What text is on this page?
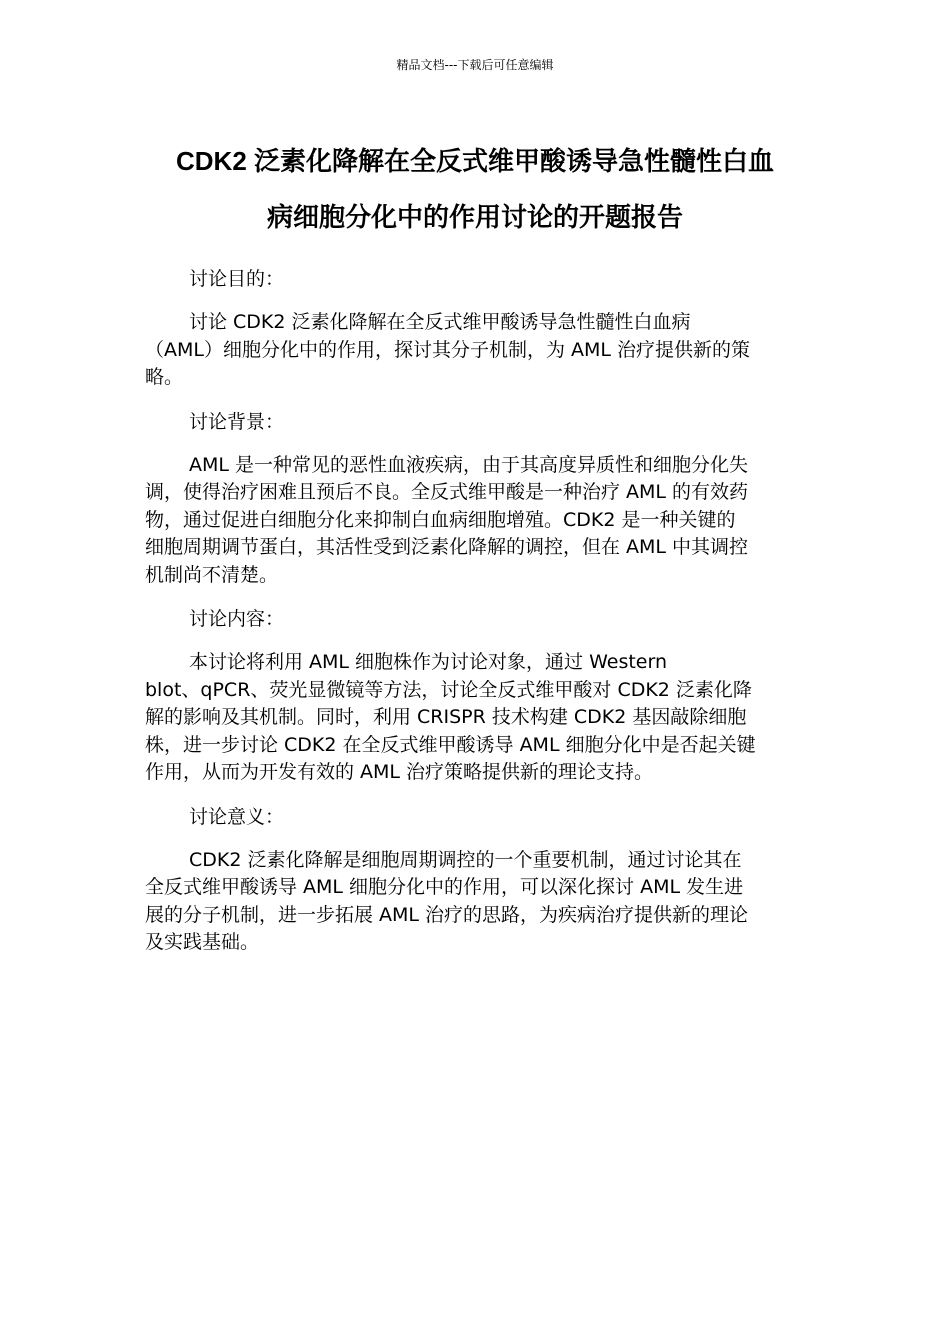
精品文档---下载后可任意编辑
CDK2 泛素化降解在全反式维甲酸诱导急性髓性白血
病细胞分化中的作用讨论的开题报告

讨论目的：

讨论 CDK2 泛素化降解在全反式维甲酸诱导急性髓性白血病
（AML）细胞分化中的作用，探讨其分子机制，为 AML 治疗提供新的策
略。

讨论背景：

AML 是一种常见的恶性血液疾病，由于其高度异质性和细胞分化失
调，使得治疗困难且预后不良。全反式维甲酸是一种治疗 AML 的有效药
物，通过促进白细胞分化来抑制白血病细胞增殖。CDK2 是一种关键的
细胞周期调节蛋白，其活性受到泛素化降解的调控，但在 AML 中其调控
机制尚不清楚。

讨论内容：

本讨论将利用 AML 细胞株作为讨论对象，通过 Western
blot、qPCR、荧光显微镜等方法，讨论全反式维甲酸对 CDK2 泛素化降
解的影响及其机制。同时，利用 CRISPR 技术构建 CDK2 基因敲除细胞
株，进一步讨论 CDK2 在全反式维甲酸诱导 AML 细胞分化中是否起关键
作用，从而为开发有效的 AML 治疗策略提供新的理论支持。

讨论意义：

CDK2 泛素化降解是细胞周期调控的一个重要机制，通过讨论其在
全反式维甲酸诱导 AML 细胞分化中的作用，可以深化探讨 AML 发生进
展的分子机制，进一步拓展 AML 治疗的思路，为疾病治疗提供新的理论
及实践基础。
